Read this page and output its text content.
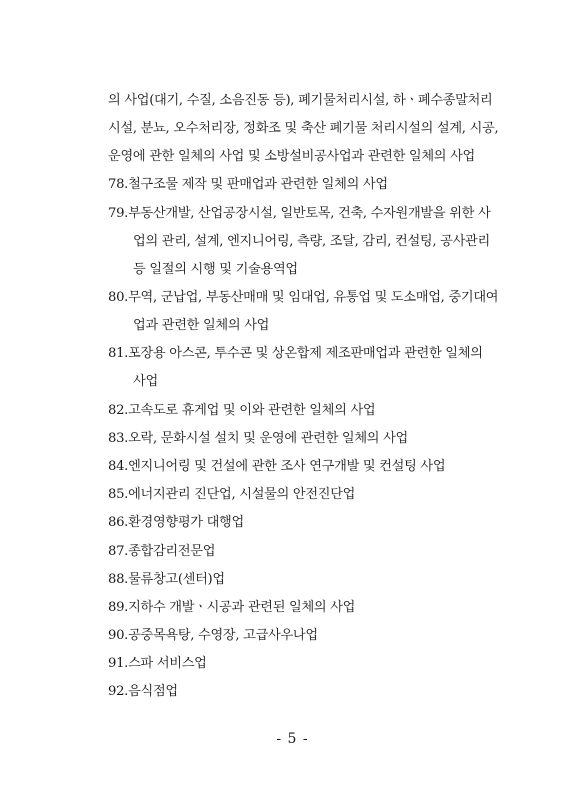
의 사업(대기, 수질, 소음진동 등), 폐기물처리시설, 하ㆍ폐수종말처리
시설, 분뇨, 오수처리장, 정화조 및 축산 폐기물 처리시설의 설계, 시공,
운영에 관한 일체의 사업 및 소방설비공사업과 관련한 일체의 사업
78. 철구조물 제작 및 판매업과 관련한 일체의 사업
79. 부동산개발, 산업공장시설, 일반토목, 건축, 수자원개발을 위한 사
업의 관리, 설계, 엔지니어링, 측량, 조달, 감리, 컨설팅, 공사관리
등 일절의 시행 및 기술용역업
80. 무역, 군납업, 부동산매매 및 임대업, 유통업 및 도소매업, 중기대여
업과 관련한 일체의 사업
81. 포장용 아스콘, 투수콘 및 상온합제 제조판매업과 관련한 일체의
사업
82. 고속도로 휴게업 및 이와 관련한 일체의 사업
83. 오락, 문화시설 설치 및 운영에 관련한 일체의 사업
84. 엔지니어링 및 건설에 관한 조사 연구개발 및 컨설팅 사업
85. 에너지관리 진단업, 시설물의 안전진단업
86. 환경영향평가 대행업
87. 종합감리전문업
88. 물류창고(센터)업
89. 지하수 개발ㆍ시공과 관련된 일체의 사업
90. 공중목욕탕, 수영장, 고급사우나업
91. 스파 서비스업
92. 음식점업
- 5 -
